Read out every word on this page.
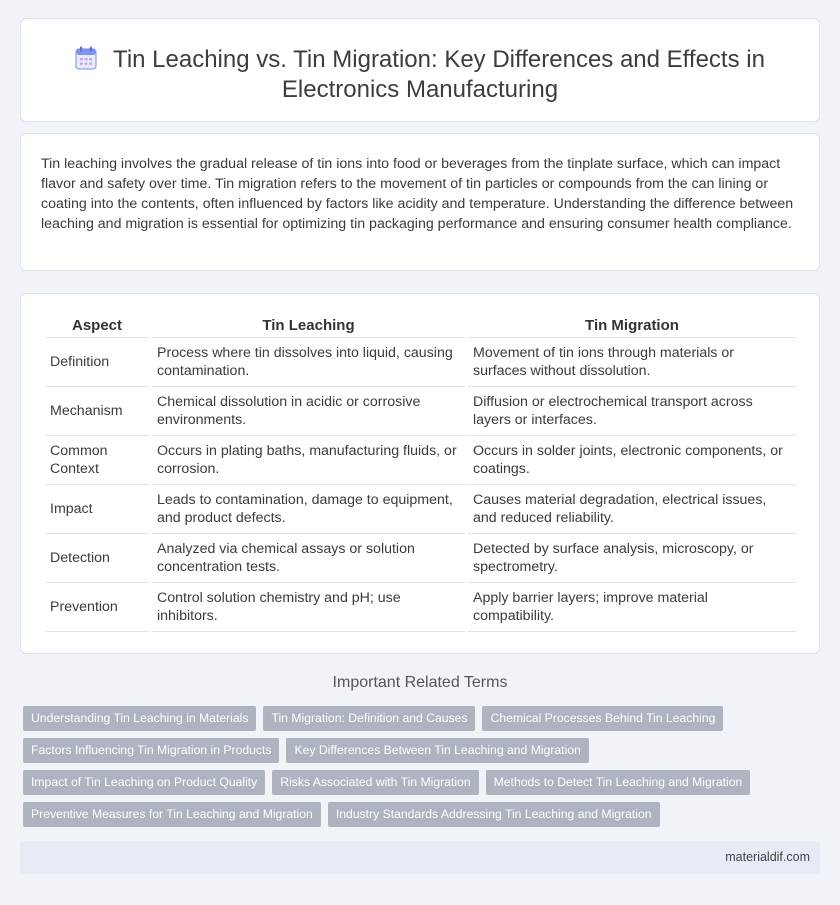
Tin Leaching vs. Tin Migration: Key Differences and Effects in
Electronics Manufacturing

Tin leaching involves the gradual release of tin ions into food or beverages from the tinplate surface, which can impact flavor and safety over time. Tin migration refers to the movement of tin particles or compounds from the can lining or coating into the contents, often influenced by factors like acidity and temperature. Understanding the difference between leaching and migration is essential for optimizing tin packaging performance and ensuring consumer health compliance.

Aspect	Tin Leaching	Tin Migration
Definition	Process where tin dissolves into liquid, causing contamination.	Movement of tin ions through materials or surfaces without dissolution.
Mechanism	Chemical dissolution in acidic or corrosive environments.	Diffusion or electrochemical transport across layers or interfaces.
Common Context	Occurs in plating baths, manufacturing fluids, or corrosion.	Occurs in solder joints, electronic components, or coatings.
Impact	Leads to contamination, damage to equipment, and product defects.	Causes material degradation, electrical issues, and reduced reliability.
Detection	Analyzed via chemical assays or solution concentration tests.	Detected by surface analysis, microscopy, or spectrometry.
Prevention	Control solution chemistry and pH; use inhibitors.	Apply barrier layers; improve material compatibility.
Important Related Terms
Understanding Tin Leaching in Materials	Tin Migration: Definition and Causes	Chemical Processes Behind Tin Leaching
Factors Influencing Tin Migration in Products	Key Differences Between Tin Leaching and Migration
Impact of Tin Leaching on Product Quality	Risks Associated with Tin Migration	Methods to Detect Tin Leaching and Migration
Preventive Measures for Tin Leaching and Migration	Industry Standards Addressing Tin Leaching and Migration
materialdif.com
